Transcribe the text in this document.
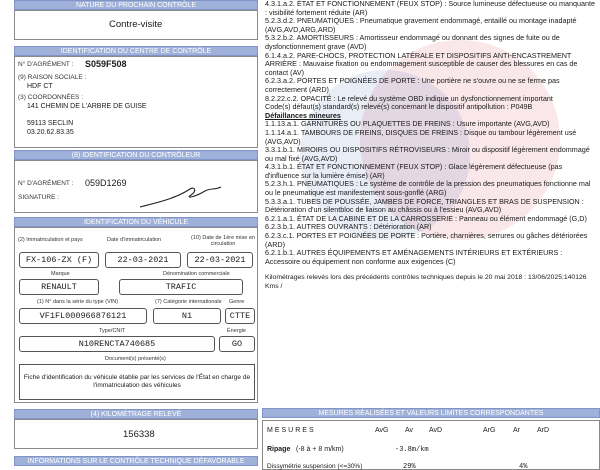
NATURE DU PROCHAIN CONTRÔLE
Contre-visite
IDENTIFICATION DU CENTRE DE CONTRÔLE
N° D'AGRÉMENT : S059F508
(9) RAISON SOCIALE :
HDF CT
(3) COORDONNÉES :
141 CHEMIN DE L'ARBRE DE GUISE
59113 SECLIN
03.20.62.83.35
(8) IDENTIFICATION DU CONTRÔLEUR
N° D'AGRÉMENT : 059D1269
SIGNATURE :
IDENTIFICATION DU VÉHICULE
(2) Immatriculation et pays	Date d'immatriculation	(10) Date de 1ère mise en circulation
FX-106-ZX (F)	22-03-2021	22-03-2021
Marque	Dénomination commerciale
RENAULT	TRAFIC
(1) N° dans la série du type (VIN)	(7) Catégorie internationale Genre
VF1FL000966876121	N1	CTTE
Type/CNIT	Énergie
N10RENCTA740685	GO
Document(s) présenté(s)
Fiche d'identification du véhicule établie par les services de l'État en charge de l'immatriculation des véhicules
(4) KILOMÉTRAGE RELEVÉ
156338
INFORMATIONS SUR LE CONTRÔLE TECHNIQUE DÉFAVORABLE

4.3.1.a.2. ÉTAT ET FONCTIONNEMENT (FEUX STOP) : Source lumineuse défectueuse ou manquante : visibilité fortement réduite (AR)

5.2.3.d.2. PNEUMATIQUES : Pneumatique gravement endommagé, entaillé ou montage inadapté (AVG,AVD,ARG,ARD)

5.3.2.b.2. AMORTISSEURS : Amortisseur endommagé ou donnant des signes de fuite ou de dysfonctionnement grave (AVD)

6.1.4.a.2. PARE-CHOCS, PROTECTION LATÉRALE ET DISPOSITIFS ANTI-ENCASTREMENT ARRIÈRE : Mauvaise fixation ou endommagement susceptible de causer des blessures en cas de contact (AV)

6.2.3.a.2. PORTES ET POIGNÉES DE PORTE : Une portière ne s'ouvre ou ne se ferme pas correctement (ARD)

8.2.22.c.2. OPACITÉ : Le relevé du système OBD indique un dysfonctionnement important

Code(s) défaut(s) standard(s) relevé(s) concernant le dispositif antipollution : P049B

Défaillances mineures

1.1.13.a.1. GARNITURES OU PLAQUETTES DE FREINS : Usure importante (AVG,AVD)

1.1.14.a.1. TAMBOURS DE FREINS, DISQUES DE FREINS : Disque ou tambour légèrement usé (AVG,AVD)

3.3.1.b.1. MIROIRS OU DISPOSITIFS RÉTROVISEURS : Miroir ou dispositif légèrement endommagé ou mal fixé (AVG,AVD)

4.3.1.b.1. ÉTAT ET FONCTIONNEMENT (FEUX STOP) : Glace légèrement défectueuse (pas d'influence sur la lumière émise) (AR)

5.2.3.h.1. PNEUMATIQUES : Le système de contrôle de la pression des pneumatiques fonctionne mal ou le pneumatique est manifestement sous-gonflé (ARG)

5.3.3.a.1. TUBES DE POUSSÉE, JAMBES DE FORCE, TRIANGLES ET BRAS DE SUSPENSION : Détérioration d'un silentbloc de liaison au châssis ou à l'essieu (AVG,AVD)

6.2.1.a.1. ÉTAT DE LA CABINE ET DE LA CARROSSERIE : Panneau ou élément endommagé (G,D)

6.2.3.b.1. AUTRES OUVRANTS : Détérioration (AR)

6.2.3.c.1. PORTES ET POIGNÉES DE PORTE : Portière, charnières, serrures ou gâches détériorées (ARD)

6.2.1.b.1. AUTRES ÉQUIPEMENTS ET AMÉNAGEMENTS INTÉRIEURS ET EXTÉRIEURS : Accessoire ou équipement non conforme aux exigences (C)

Kilométrages relevés lors des précédents contrôles techniques depuis le 20 mai 2018 : 13/06/2025:140126 Kms /

MESURES RÉALISÉES ET VALEURS LIMITES CORRESPONDANTES
MESURES	AvG Av AvD	ArG	Ar ArD
Ripage (-8 à + 8 m/km)	-3.8m/km
Dissymétrie suspension (<=30%)	29%	4%
